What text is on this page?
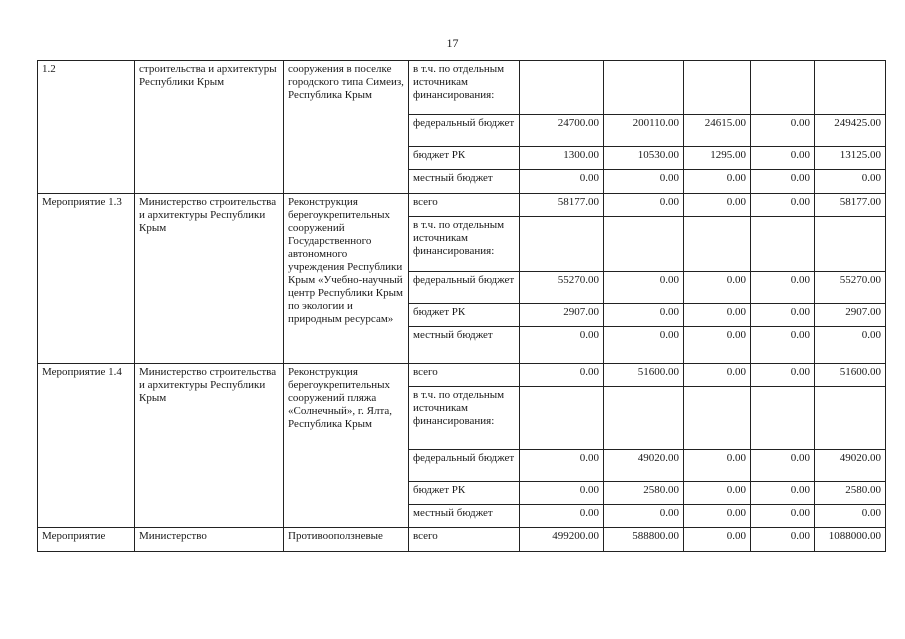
17
1.2	строительства и архитектуры Республики Крым	сооружения в поселке городского типа Симеиз, Республика Крым	в т.ч. по отдельным источникам финансирования:					
			федеральный бюджет	24700.00	200110.00	24615.00	0.00	249425.00
			бюджет РК	1300.00	10530.00	1295.00	0.00	13125.00
			местный бюджет	0.00	0.00	0.00	0.00	0.00
Мероприятие 1.3	Министерство строительства и архитектуры Республики Крым	Реконструкция берегоукрепительных сооружений Государственного автономного учреждения Республики Крым «Учебно-научный центр Республики Крым по экологии и природным ресурсам»	всего	58177.00	0.00	0.00	0.00	58177.00
			в т.ч. по отдельным источникам финансирования:					
			федеральный бюджет	55270.00	0.00	0.00	0.00	55270.00
			бюджет РК	2907.00	0.00	0.00	0.00	2907.00
			местный бюджет	0.00	0.00	0.00	0.00	0.00
Мероприятие 1.4	Министерство строительства и архитектуры Республики Крым	Реконструкция берегоукрепительных сооружений пляжа «Солнечный», г. Ялта, Республика Крым	всего	0.00	51600.00	0.00	0.00	51600.00
			в т.ч. по отдельным источникам финансирования:					
			федеральный бюджет	0.00	49020.00	0.00	0.00	49020.00
			бюджет РК	0.00	2580.00	0.00	0.00	2580.00
			местный бюджет	0.00	0.00	0.00	0.00	0.00
Мероприятие	Министерство	Противооползневые	всего	499200.00	588800.00	0.00	0.00	1088000.00
